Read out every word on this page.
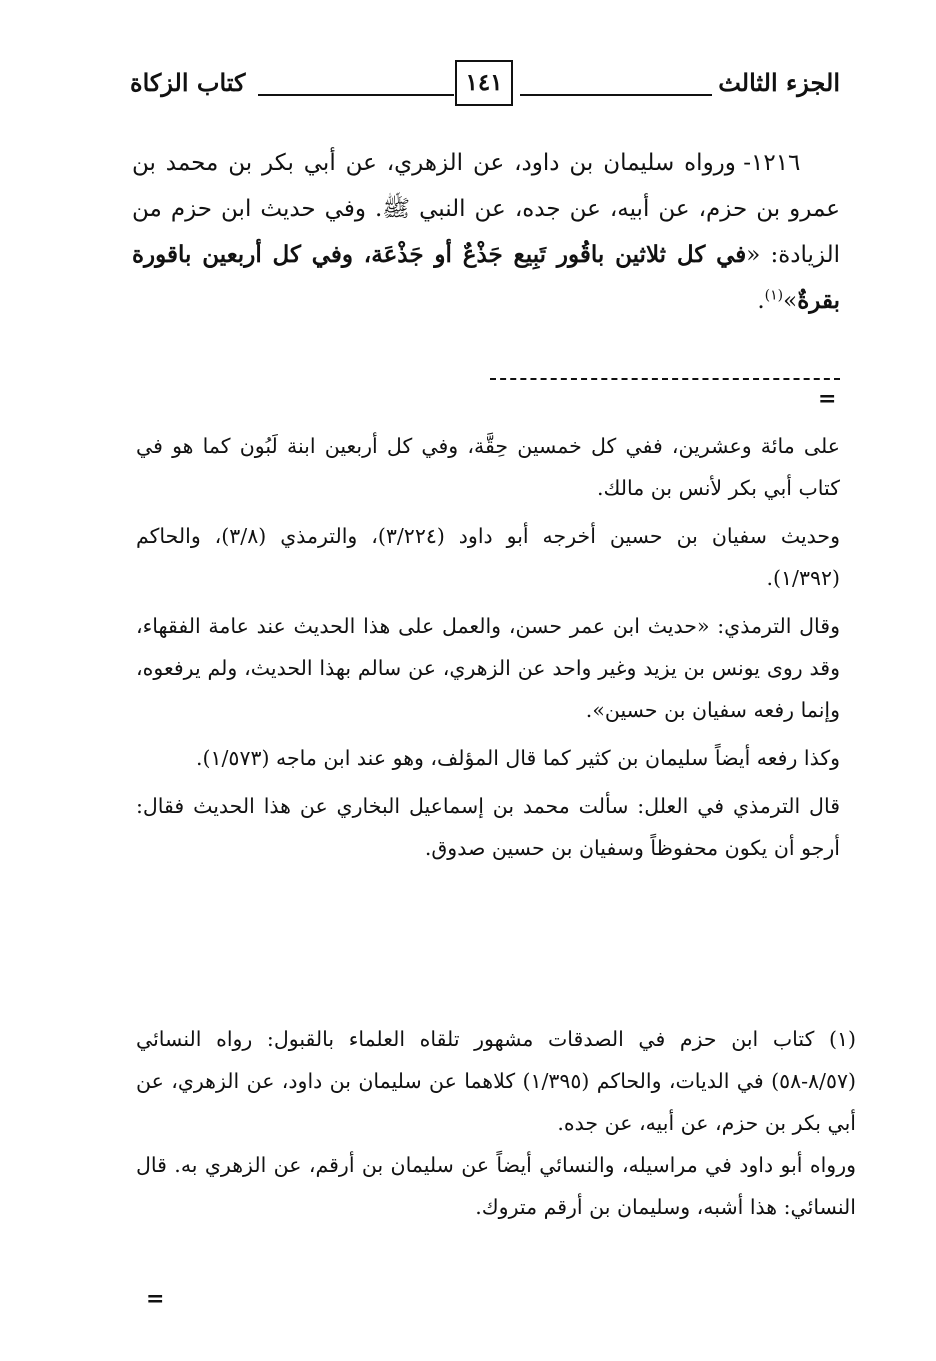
الجزء الثالث
١٤١
كتاب الزكاة

١٢١٦- ورواه سليمان بن داود، عن الزهري، عن أبي بكر بن محمد بن عمرو بن حزم، عن أبيه، عن جده، عن النبي ﷺ. وفي حديث ابن حزم من الزيادة: «في كل ثلاثين باقُور تَبِيع جَذْعٌ أو جَذْعَة، وفي كل أربعين باقورة بقرةٌ»$^{(١)}$.

=

على مائة وعشرين، ففي كل خمسين حِقَّة، وفي كل أربعين ابنة لَبُون كما هو في كتاب أبي بكر لأنس بن مالك.

وحديث سفيان بن حسين أخرجه أبو داود (٣/٢٢٤)، والترمذي (٣/٨)، والحاكم (١/٣٩٢).

وقال الترمذي: «حديث ابن عمر حسن، والعمل على هذا الحديث عند عامة الفقهاء، وقد روى يونس بن يزيد وغير واحد عن الزهري، عن سالم بهذا الحديث، ولم يرفعوه، وإنما رفعه سفيان بن حسين».

وكذا رفعه أيضاً سليمان بن كثير كما قال المؤلف، وهو عند ابن ماجه (١/٥٧٣).

قال الترمذي في العلل: سألت محمد بن إسماعيل البخاري عن هذا الحديث فقال: أرجو أن يكون محفوظاً وسفيان بن حسين صدوق.

(١) كتاب ابن حزم في الصدقات مشهور تلقاه العلماء بالقبول: رواه النسائي (٨/٥٧-٥٨) في الديات، والحاكم (١/٣٩٥) كلاهما عن سليمان بن داود، عن الزهري، عن أبي بكر بن حزم، عن أبيه، عن جده.

ورواه أبو داود في مراسيله، والنسائي أيضاً عن سليمان بن أرقم، عن الزهري به. قال النسائي: هذا أشبه، وسليمان بن أرقم متروك.

=
